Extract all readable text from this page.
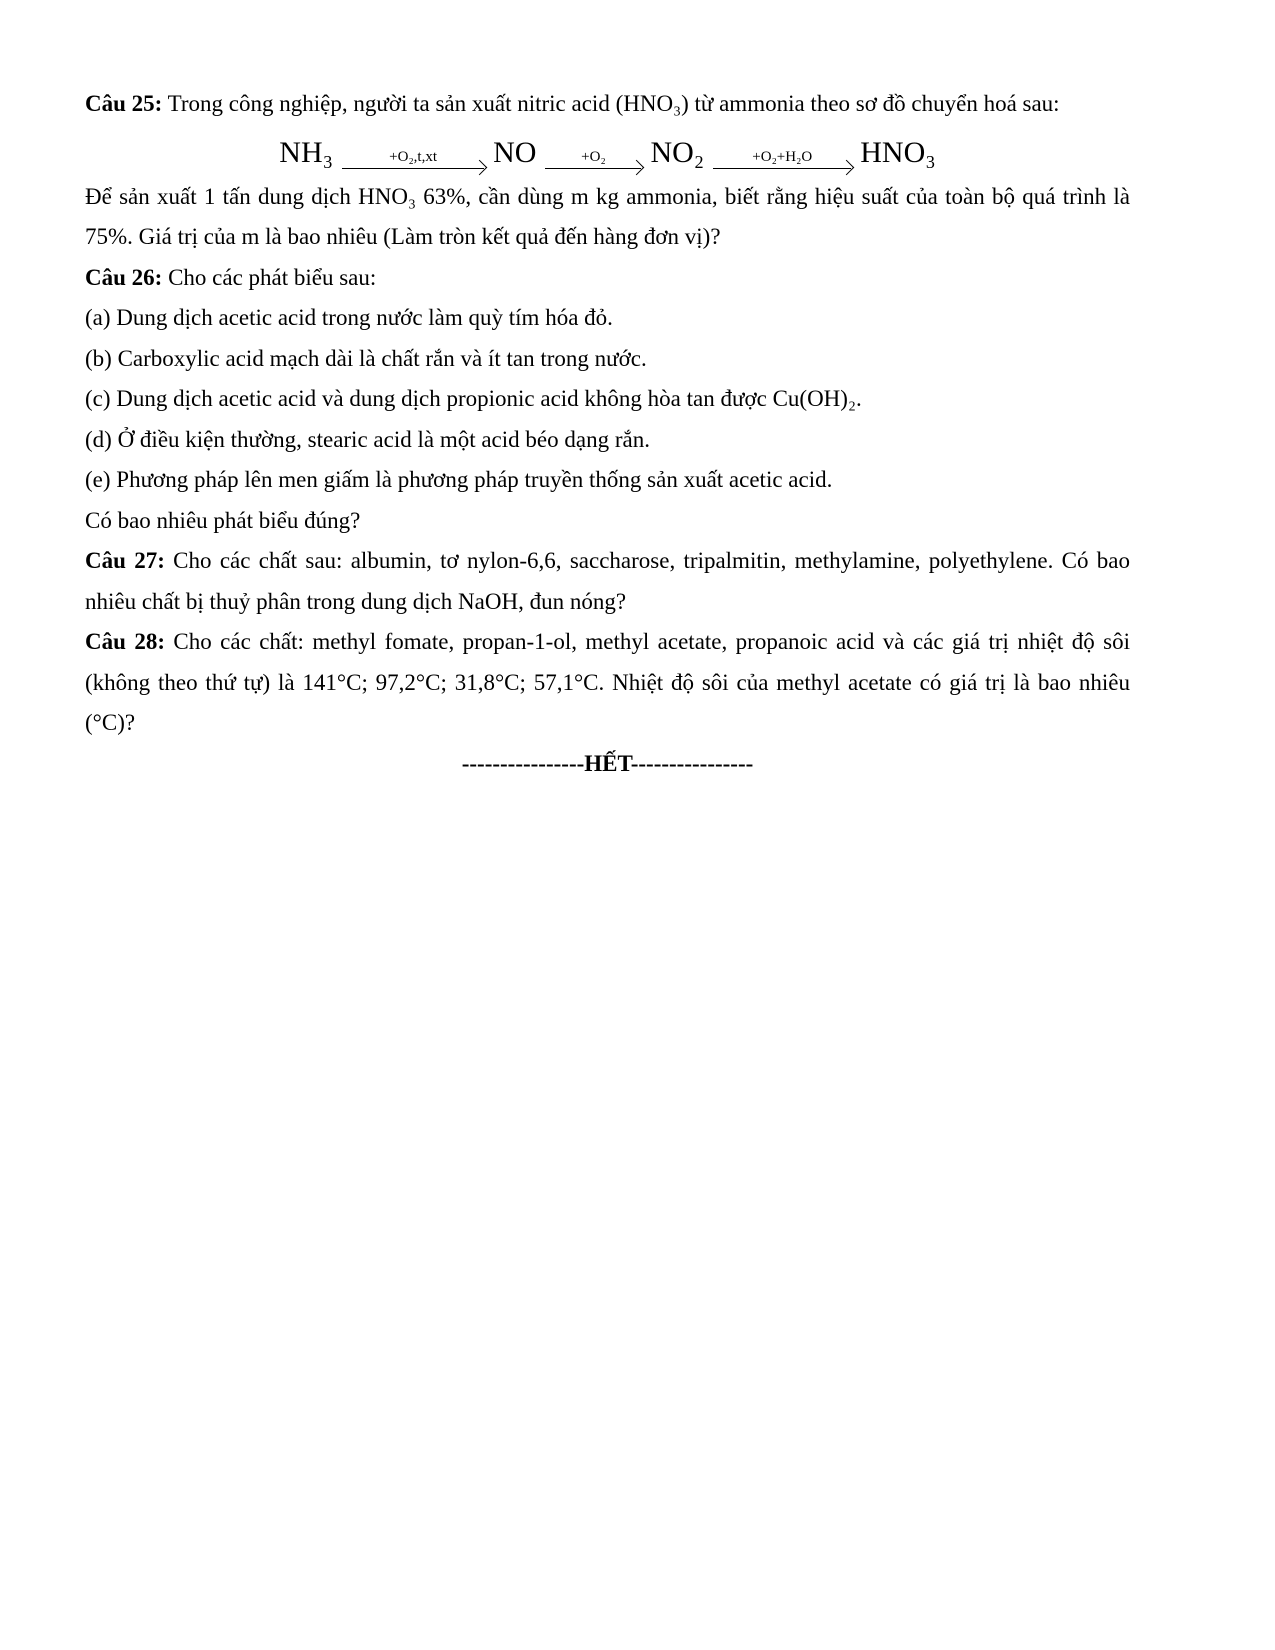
Câu 25: Trong công nghiệp, người ta sản xuất nitric acid (HNO₃) từ ammonia theo sơ đồ chuyển hoá sau:

NH₃	+O₂,t,xt NO	+O₂ NO₂	+O₂+H₂O HNO₃

Để sản xuất 1 tấn dung dịch HNO₃ 63%, cần dùng m kg ammonia, biết rằng hiệu suất của toàn bộ quá trình là 75%. Giá trị của m là bao nhiêu (Làm tròn kết quả đến hàng đơn vị)?

Câu 26: Cho các phát biểu sau:

(a) Dung dịch acetic acid trong nước làm quỳ tím hóa đỏ.

(b) Carboxylic acid mạch dài là chất rắn và ít tan trong nước.

(c) Dung dịch acetic acid và dung dịch propionic acid không hòa tan được Cu(OH)₂.

(d) Ở điều kiện thường, stearic acid là một acid béo dạng rắn.

(e) Phương pháp lên men giấm là phương pháp truyền thống sản xuất acetic acid.

Có bao nhiêu phát biểu đúng?

Câu 27: Cho các chất sau: albumin, tơ nylon-6,6, saccharose, tripalmitin, methylamine, polyethylene. Có bao nhiêu chất bị thuỷ phân trong dung dịch NaOH, đun nóng?

Câu 28: Cho các chất: methyl fomate, propan-1-ol, methyl acetate, propanoic acid và các giá trị nhiệt độ sôi (không theo thứ tự) là 141°C; 97,2°C; 31,8°C; 57,1°C. Nhiệt độ sôi của methyl acetate có giá trị là bao nhiêu (°C)?

----------------HẾT----------------
